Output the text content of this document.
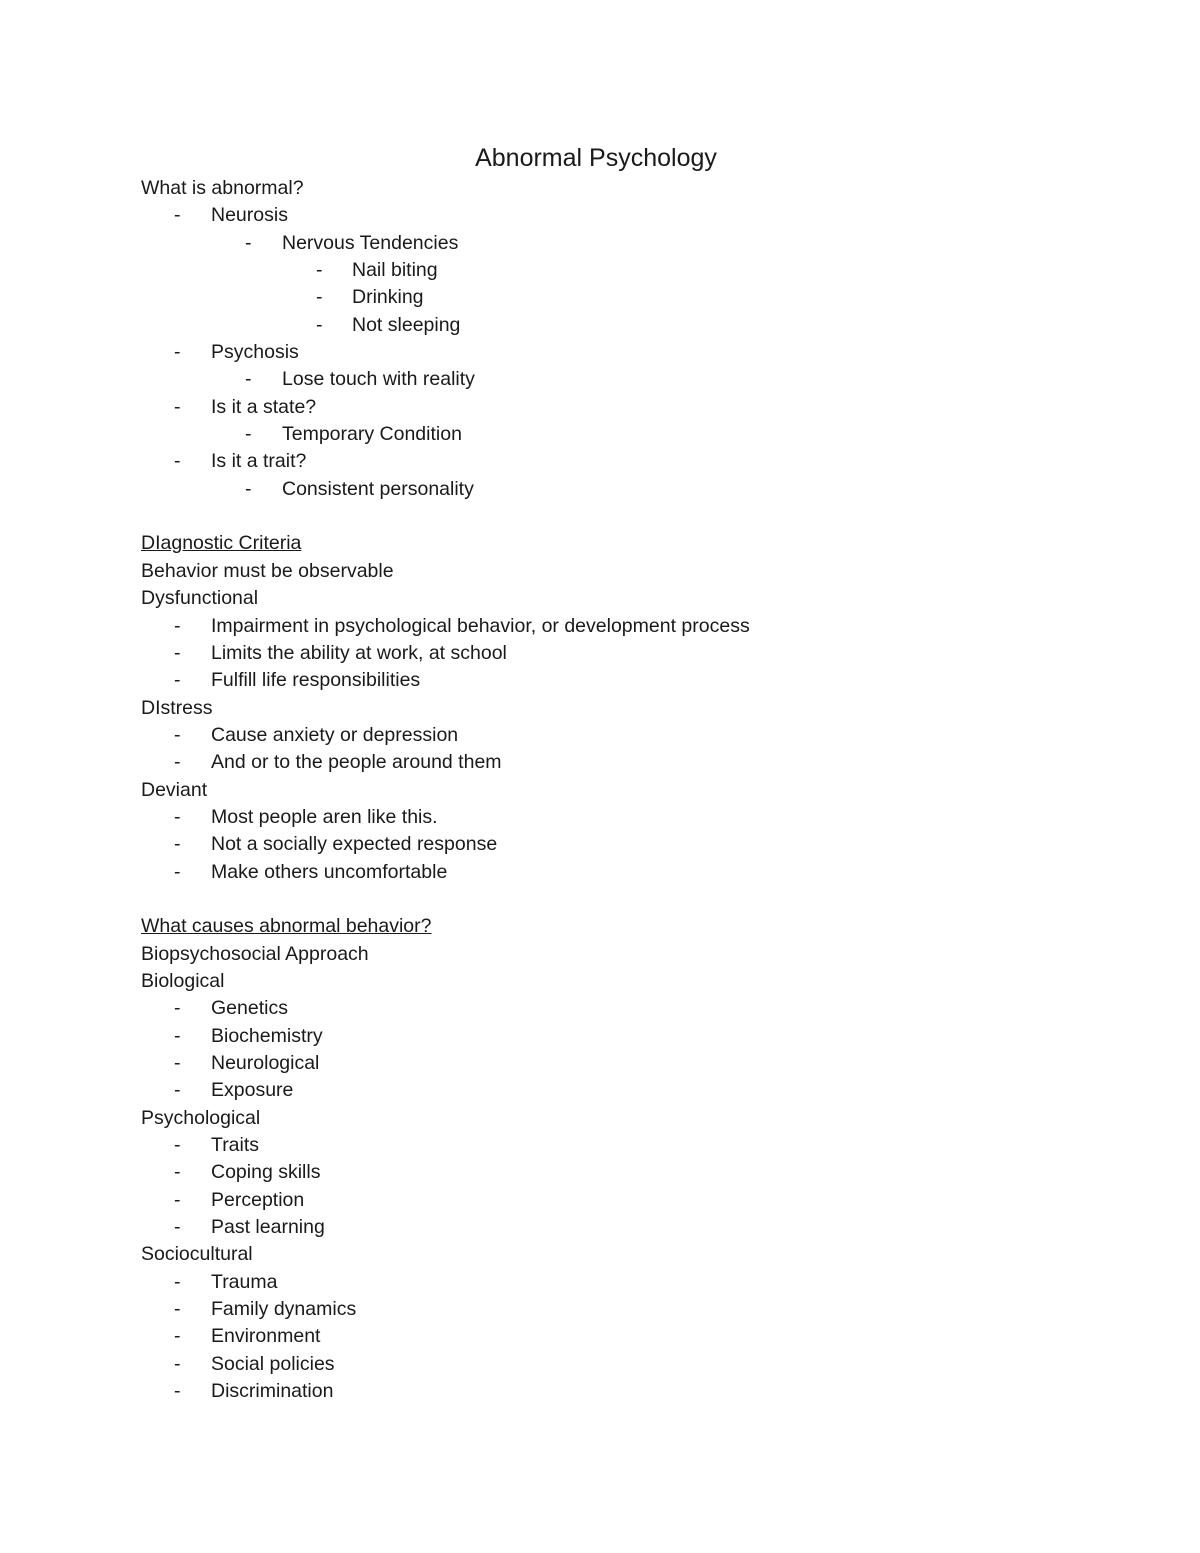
Abnormal Psychology
What is abnormal?
- Neurosis
- Nervous Tendencies
- Nail biting
- Drinking
- Not sleeping
- Psychosis
- Lose touch with reality
- Is it a state?
- Temporary Condition
- Is it a trait?
- Consistent personality
DIagnostic Criteria
Behavior must be observable
Dysfunctional
- Impairment in psychological behavior, or development process
- Limits the ability at work, at school
- Fulfill life responsibilities
DIstress
- Cause anxiety or depression
- And or to the people around them
Deviant
- Most people aren like this.
- Not a socially expected response
- Make others uncomfortable
What causes abnormal behavior?
Biopsychosocial Approach
Biological
- Genetics
- Biochemistry
- Neurological
- Exposure
Psychological
- Traits
- Coping skills
- Perception
- Past learning
Sociocultural
- Trauma
- Family dynamics
- Environment
- Social policies
- Discrimination
